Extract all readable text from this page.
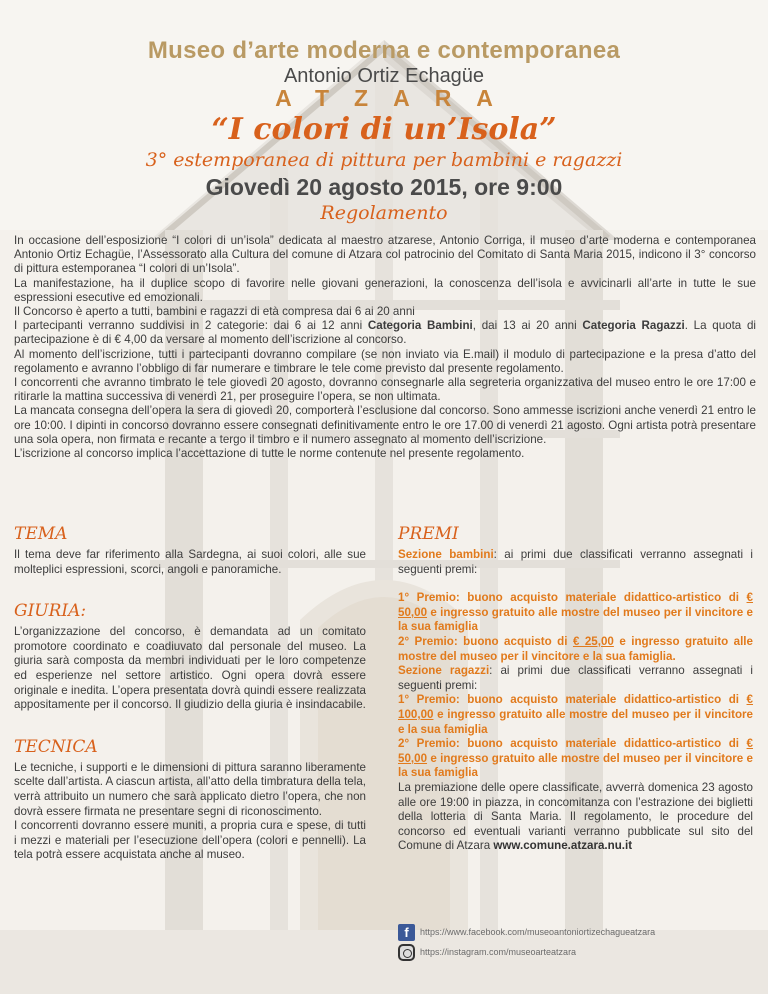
Museo d’arte moderna e contemporanea
Antonio Ortiz Echagüe
ATZARA
“I colori di un’Isola”
3° estemporanea di pittura per bambini e ragazzi
Giovedì 20 agosto 2015, ore 9:00
Regolamento

In occasione dell’esposizione “I colori di un’isola” dedicata al maestro atzarese, Antonio Corriga, il museo d’arte moderna e contemporanea Antonio Ortiz Echagüe, l’Assessorato alla Cultura del comune di Atzara col patrocinio del Comitato di Santa Maria 2015, indicono il 3° concorso di pittura estemporanea “I colori di un’Isola”.

La manifestazione, ha il duplice scopo di favorire nelle giovani generazioni, la conoscenza dell’isola e avvicinarli all’arte in tutte le sue espressioni esecutive ed emozionali.

Il Concorso è aperto a tutti, bambini e ragazzi di età compresa dai 6 ai 20 anni

I partecipanti verranno suddivisi in 2 categorie: dai 6 ai 12 anni Categoria Bambini, dai 13 ai 20 anni Categoria Ragazzi. La quota di partecipazione è di € 4,00 da versare al momento dell’iscrizione al concorso.

Al momento dell’iscrizione, tutti i partecipanti dovranno compilare (se non inviato via E.mail) il modulo di partecipazione e la presa d’atto del regolamento e avranno l’obbligo di far numerare e timbrare le tele come previsto dal presente regolamento.

I concorrenti che avranno timbrato le tele giovedì 20 agosto, dovranno consegnarle alla segreteria organizzativa del museo entro le ore 17:00 e ritirarle la mattina successiva di venerdì 21, per proseguire l’opera, se non ultimata.

La mancata consegna dell’opera la sera di giovedì 20, comporterà l’esclusione dal concorso. Sono ammesse iscrizioni anche venerdì 21 entro le ore 10:00. I dipinti in concorso dovranno essere consegnati definitivamente entro le ore 17.00 di venerdì 21 agosto. Ogni artista potrà presentare una sola opera, non firmata e recante a tergo il timbro e il numero assegnato al momento dell’iscrizione.

L’iscrizione al concorso implica l’accettazione di tutte le norme contenute nel presente regolamento.

TEMA

Il tema deve far riferimento alla Sardegna, ai suoi colori, alle sue molteplici espressioni, scorci, angoli e panoramiche.

GIURIA:

L’organizzazione del concorso, è demandata ad un comitato promotore coordinato e coadiuvato dal personale del museo. La giuria sarà composta da membri individuati per le loro competenze ed esperienze nel settore artistico. Ogni opera dovrà essere originale e inedita. L’opera presentata dovrà quindi essere realizzata appositamente per il concorso. Il giudizio della giuria è insindacabile.

TECNICA

Le tecniche, i supporti e le dimensioni di pittura saranno liberamente scelte dall’artista. A ciascun artista, all’atto della timbratura della tela, verrà attribuito un numero che sarà applicato dietro l’opera, che non dovrà essere firmata ne presentare segni di riconoscimento.

I concorrenti dovranno essere muniti, a propria cura e spese, di tutti i mezzi e materiali per l’esecuzione dell’opera (colori e pennelli). La tela potrà essere acquistata anche al museo.

PREMI

Sezione bambini: ai primi due classificati verranno assegnati i seguenti premi:

1° Premio: buono acquisto materiale didattico-artistico di € 50,00 e ingresso gratuito alle mostre del museo per il vincitore e la sua famiglia

2° Premio: buono acquisto di € 25,00 e ingresso gratuito alle mostre del museo per il vincitore e la sua famiglia.

Sezione ragazzi: ai primi due classificati verranno assegnati i seguenti premi:

1° Premio: buono acquisto materiale didattico-artistico di € 100,00 e ingresso gratuito alle mostre del museo per il vincitore e la sua famiglia

2° Premio: buono acquisto materiale didattico-artistico di € 50,00 e ingresso gratuito alle mostre del museo per il vincitore e la sua famiglia

La premiazione delle opere classificate, avverrà domenica 23 agosto alle ore 19:00 in piazza, in concomitanza con l’estrazione dei biglietti della lotteria di Santa Maria. Il regolamento, le procedure del concorso ed eventuali varianti verranno pubblicate sul sito del Comune di Atzara www.comune.atzara.nu.it

f	https://www.facebook.com/museoantoniortizechagueatzara
https://instagram.com/museoarteatzara
